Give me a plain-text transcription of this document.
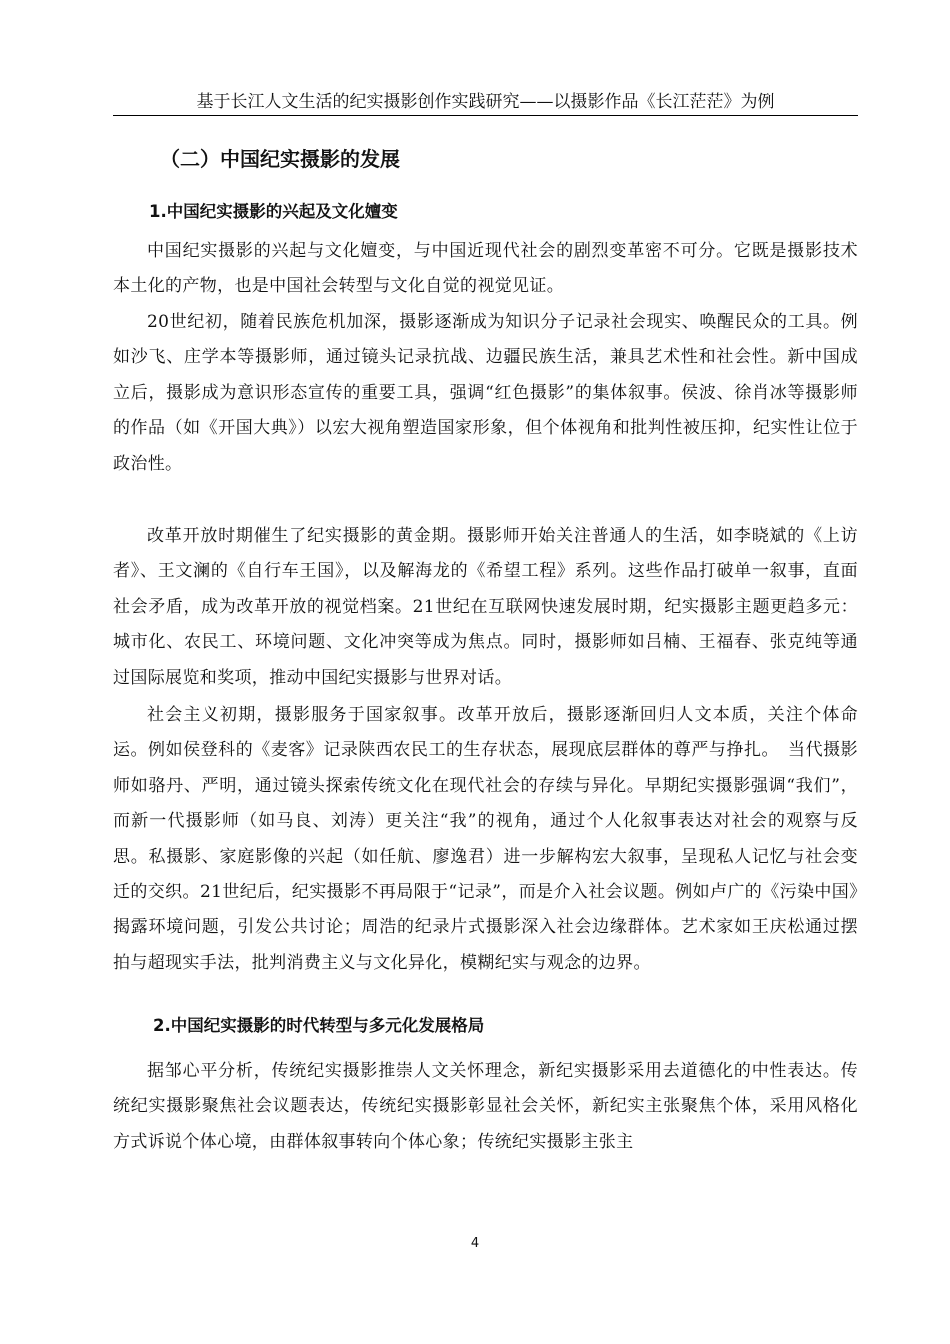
基于长江人文生活的纪实摄影创作实践研究——以摄影作品《长江茫茫》为例
（二）中国纪实摄影的发展
1.中国纪实摄影的兴起及文化嬗变

中国纪实摄影的兴起与文化嬗变，与中国近现代社会的剧烈变革密不可分。它既是摄影技术本土化的产物，也是中国社会转型与文化自觉的视觉见证。

20世纪初，随着民族危机加深，摄影逐渐成为知识分子记录社会现实、唤醒民众的工具。例如沙飞、庄学本等摄影师，通过镜头记录抗战、边疆民族生活，兼具艺术性和社会性。新中国成立后，摄影成为意识形态宣传的重要工具，强调“红色摄影”的集体叙事。侯波、徐肖冰等摄影师的作品（如《开国大典》）以宏大视角塑造国家形象，但个体视角和批判性被压抑，纪实性让位于政治性。

改革开放时期催生了纪实摄影的黄金期。摄影师开始关注普通人的生活，如李晓斌的《上访者》、王文澜的《自行车王国》，以及解海龙的《希望工程》系列。这些作品打破单一叙事，直面社会矛盾，成为改革开放的视觉档案。21世纪在互联网快速发展时期，纪实摄影主题更趋多元：城市化、农民工、环境问题、文化冲突等成为焦点。同时，摄影师如吕楠、王福春、张克纯等通过国际展览和奖项，推动中国纪实摄影与世界对话。

社会主义初期，摄影服务于国家叙事。改革开放后，摄影逐渐回归人文本质，关注个体命运。例如侯登科的《麦客》记录陕西农民工的生存状态，展现底层群体的尊严与挣扎。　当代摄影师如骆丹、严明，通过镜头探索传统文化在现代社会的存续与异化。早期纪实摄影强调“我们”，而新一代摄影师（如马良、刘涛）更关注“我”的视角，通过个人化叙事表达对社会的观察与反思。私摄影、家庭影像的兴起（如任航、廖逸君）进一步解构宏大叙事，呈现私人记忆与社会变迁的交织。21世纪后，纪实摄影不再局限于“记录”，而是介入社会议题。例如卢广的《污染中国》揭露环境问题，引发公共讨论；周浩的纪录片式摄影深入社会边缘群体。艺术家如王庆松通过摆拍与超现实手法，批判消费主义与文化异化，模糊纪实与观念的边界。

2.中国纪实摄影的时代转型与多元化发展格局

据邹心平分析，传统纪实摄影推崇人文关怀理念，新纪实摄影采用去道德化的中性表达。传统纪实摄影聚焦社会议题表达，传统纪实摄影彰显社会关怀，新纪实主张聚焦个体，采用风格化方式诉说个体心境，由群体叙事转向个体心象；传统纪实摄影主张主

4
